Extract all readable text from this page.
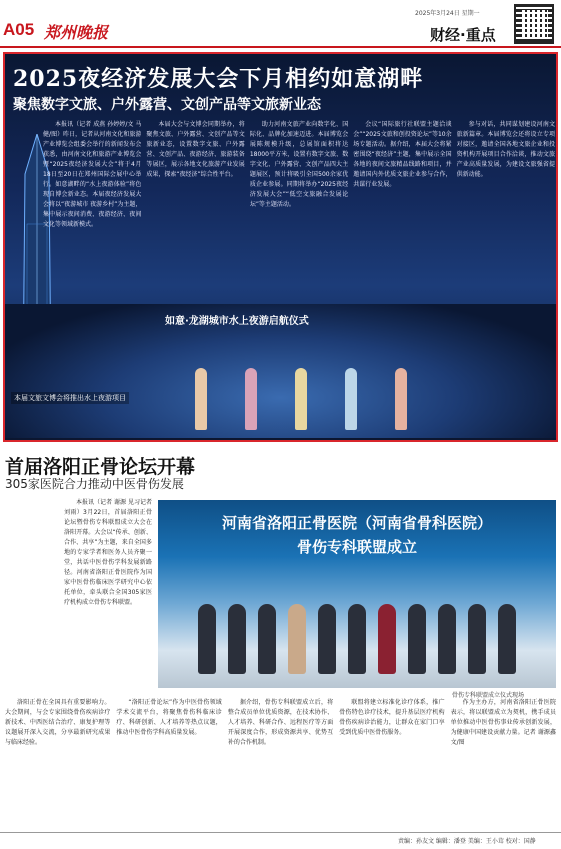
A05 郑州晚报
2025年3月24日 星期一
财经·重点
2025夜经济发展大会下月相约如意湖畔
聚焦数字文旅、户外露营、文创产品等文旅新业态
本报讯（记者 成燕 孙婷婷/文 马健/图）昨日，记者从河南文化和旅游产业博览会组委会举行的新闻发布会获悉，由河南文化和旅游产业博览会暨“2025夜经济发展大会”将于4月18日至20日在郑州国际会展中心举行。如意湖畔的“水上夜游体验”将色现自博会新业态。本届夜经济发展大会将以“夜游城市 夜游乡村”为主题，集中展示夜间消费、夜游经济、夜间文化等领域新模式。
本届大会与文博会同期举办，将聚焦文旅、户外露营、文创产品等文旅新业态，设置数字文旅、户外露营、文创产品、夜游经济、旅游装备等展区，展示各地文化旅游产业发展成果，探索“夜经济”综合性平台。
助力河南文旅产业向数字化、国际化、品牌化加速迈进。本届博览会展陈规模升级，总展馆面积将达18000平方米，设置有数字文旅、数字文化、户外露营、文创产品四大主题展区，预计将吸引全国500余家优质企业参展。同期将举办“2025夜经济发展大会”“低空文旅融合发展论坛”等主题活动。
会议“国际旅行社联盟主题洽谈会”“2025文旅和创投资论坛”等10余场专题活动。据介绍，本届大会将紧密围绕“夜经济”主题，集中展示全国各地的夜间文旅精品线路和项目，并邀请国内外优质文旅企业参与合作，共谋行业发展。
参与对话，共同谋划建设河南文旅新篇章。本届博览会还将设立专项对接区，邀请全国各地文旅企业和投资机构开展项目合作洽谈，推动文旅产业高质量发展，为建设文旅强省提供新动能。
如意·龙湖城市水上夜游启航仪式
本届文旅文博会将推出水上夜游项目
首届洛阳正骨论坛开幕
305家医院合力推动中医骨伤发展
本报讯（记者 谢源 见习记者 刘雨）3月22日，首届洛阳正骨论坛暨骨伤专科联盟成立大会在洛阳开幕。大会以“传承、创新、合作、共享”为主题，来自全国多地的专家学者和医务人员齐聚一堂，共话中医骨伤学科发展新路径。河南省洛阳正骨医院作为国家中医骨伤临床医学研究中心依托单位，牵头联合全国305家医疗机构成立骨伤专科联盟。
河南省洛阳正骨医院（河南省骨科医院）
骨伤专科联盟成立
骨伤专科联盟成立仪式现场
洛阳正骨在全国具有重要影响力。大会期间，与会专家围绕骨伤疾病诊疗新技术、中西医结合治疗、康复护理等议题展开深入交流，分享最新研究成果与临床经验。
“洛阳正骨论坛”作为中医骨伤领域学术交流平台，将聚焦骨伤科临床诊疗、科研创新、人才培养等热点议题，推动中医骨伤学科高质量发展。
据介绍，骨伤专科联盟成立后，将整合成员单位优质资源，在技术协作、人才培养、科研合作、远程医疗等方面开展深度合作，形成资源共享、优势互补的合作机制。
联盟将建立标准化诊疗体系，推广骨伤特色诊疗技术，提升基层医疗机构骨伤疾病诊治能力，让群众在家门口享受到优质中医骨伤服务。
作为主办方，河南省洛阳正骨医院表示，将以联盟成立为契机，携手成员单位推动中医骨伤事业传承创新发展，为健康中国建设贡献力量。记者 谢源鑫 文/图
责编：孙友文 编辑：潘登 美编：王小茸 校对：国静
